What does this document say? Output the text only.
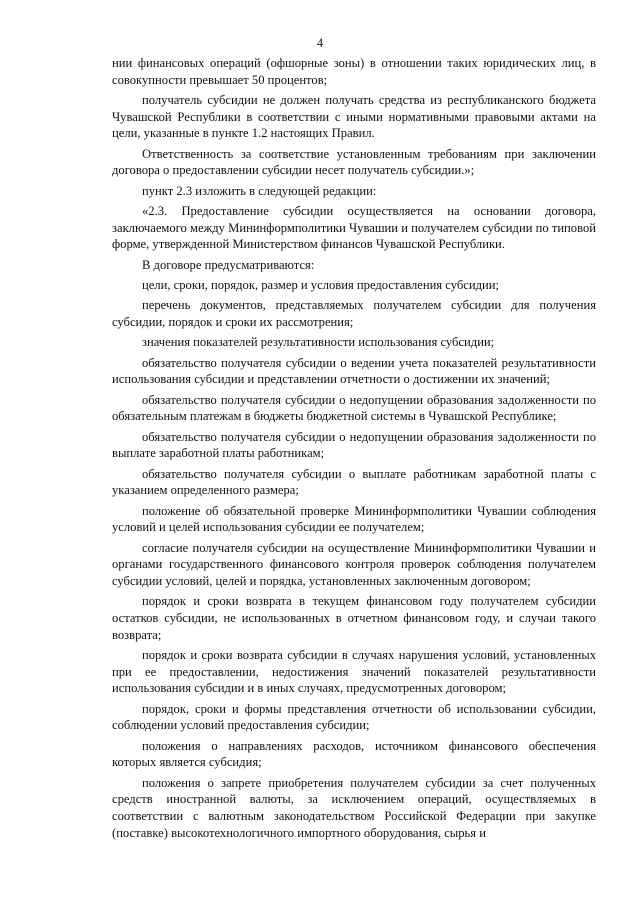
4

нии финансовых операций (офшорные зоны) в отношении таких юридических лиц, в совокупности превышает 50 процентов;

получатель субсидии не должен получать средства из республиканского бюджета Чувашской Республики в соответствии с иными нормативными правовыми актами на цели, указанные в пункте 1.2 настоящих Правил.

Ответственность за соответствие установленным требованиям при заключении договора о предоставлении субсидии несет получатель субсидии.»;

пункт 2.3 изложить в следующей редакции:

«2.3. Предоставление субсидии осуществляется на основании договора, заключаемого между Мининформполитики Чувашии и получателем субсидии по типовой форме, утвержденной Министерством финансов Чувашской Республики.

В договоре предусматриваются:

цели, сроки, порядок, размер и условия предоставления субсидии;

перечень документов, представляемых получателем субсидии для получения субсидии, порядок и сроки их рассмотрения;

значения показателей результативности использования субсидии;

обязательство получателя субсидии о ведении учета показателей результативности использования субсидии и представлении отчетности о достижении их значений;

обязательство получателя субсидии о недопущении образования задолженности по обязательным платежам в бюджеты бюджетной системы в Чувашской Республике;

обязательство получателя субсидии о недопущении образования задолженности по выплате заработной платы работникам;

обязательство получателя субсидии о выплате работникам заработной платы с указанием определенного размера;

положение об обязательной проверке Мининформполитики Чувашии соблюдения условий и целей использования субсидии ее получателем;

согласие получателя субсидии на осуществление Мининформполитики Чувашии и органами государственного финансового контроля проверок соблюдения получателем субсидии условий, целей и порядка, установленных заключенным договором;

порядок и сроки возврата в текущем финансовом году получателем субсидии остатков субсидии, не использованных в отчетном финансовом году, и случаи такого возврата;

порядок и сроки возврата субсидии в случаях нарушения условий, установленных при ее предоставлении, недостижения значений показателей результативности использования субсидии и в иных случаях, предусмотренных договором;

порядок, сроки и формы представления отчетности об использовании субсидии, соблюдении условий предоставления субсидии;

положения о направлениях расходов, источником финансового обеспечения которых является субсидия;

положения о запрете приобретения получателем субсидии за счет полученных средств иностранной валюты, за исключением операций, осуществляемых в соответствии с валютным законодательством Российской Федерации при закупке (поставке) высокотехнологичного импортного оборудования, сырья и
